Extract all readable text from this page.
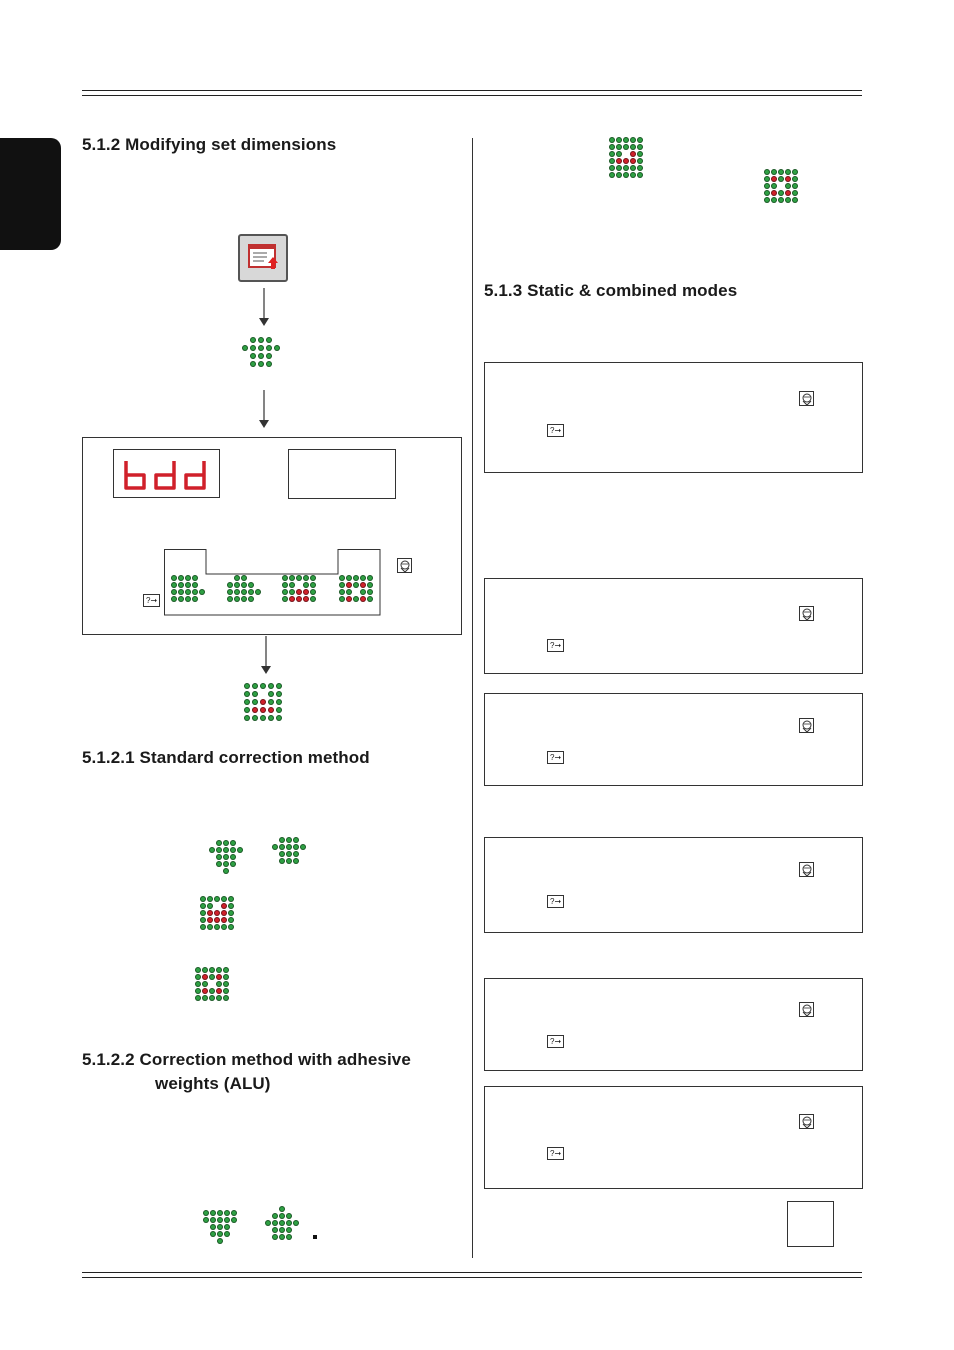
5.1.2 Modifying set dimensions
5.1.2.1 Standard correction method
5.1.2.2 Correction method with adhesive
weights (ALU)
5.1.3 Static & combined modes
?➞
?➞
?➞
?➞
?➞
?➞
?➞
